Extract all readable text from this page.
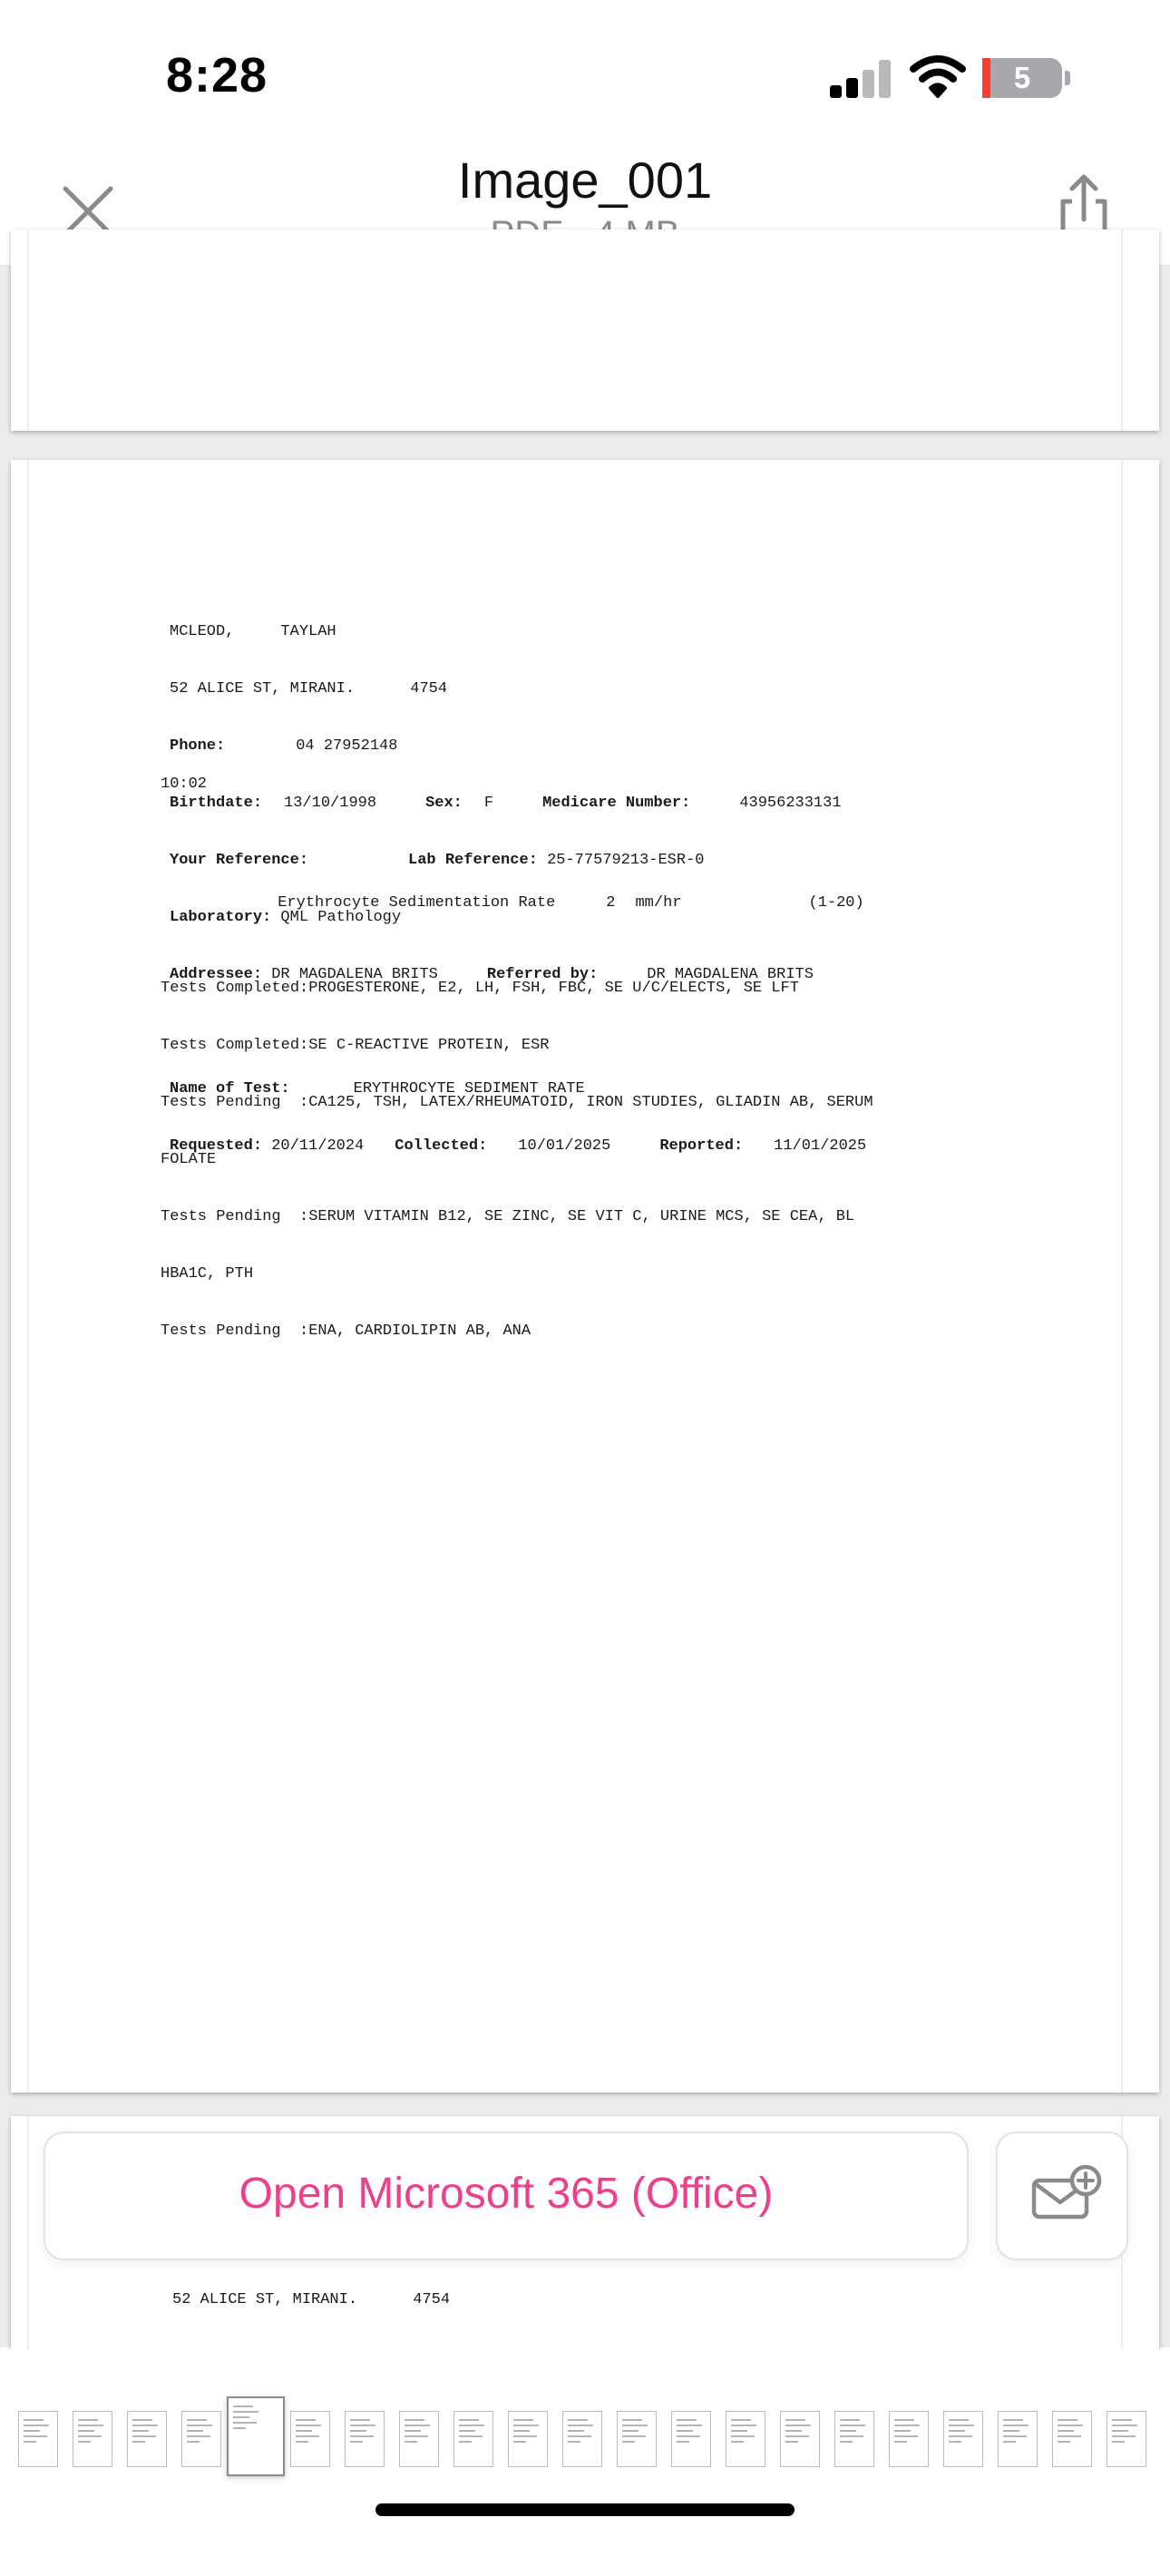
8:28	5
Image_001

MCLEOD,     TAYLAH

52 ALICE ST, MIRANI.      4754

Phone:	04 27952148

Birthdate: 13/10/1998	Sex: F	Medicare Number:	43956233131

Your Reference:	Lab Reference: 25-77579213-ESR-0

Laboratory: QML Pathology

Addressee: DR MAGDALENA BRITS	Referred by:	DR MAGDALENA BRITS

Name of Test:	ERYTHROCYTE SEDIMENT RATE

Requested: 20/11/2024 Collected: 10/01/2025	Reported: 11/01/2025

10:02

Erythrocyte Sedimentation Rate	2 mm/hr	(1-20)

Tests Completed:PROGESTERONE, E2, LH, FSH, FBC, SE U/C/ELECTS, SE LFT

Tests Completed:SE C-REACTIVE PROTEIN, ESR

Tests Pending  :CA125, TSH, LATEX/RHEUMATOID, IRON STUDIES, GLIADIN AB, SERUM

FOLATE

Tests Pending  :SERUM VITAMIN B12, SE ZINC, SE VIT C, URINE MCS, SE CEA, BL

HBA1C, PTH

Tests Pending  :ENA, CARDIOLIPIN AB, ANA

52 ALICE ST, MIRANI.      4754

Open Microsoft 365 (Office)
